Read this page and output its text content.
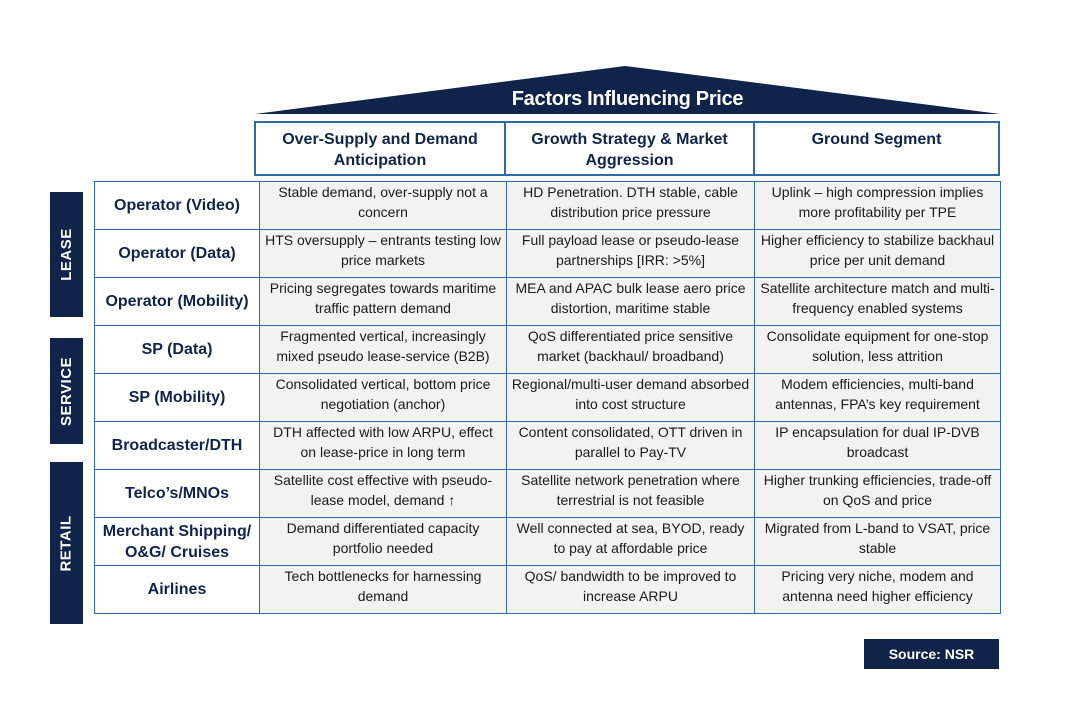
Factors Influencing Price
Over-Supply and Demand Anticipation
Growth Strategy & Market Aggression
Ground Segment
LEASE
SERVICE
RETAIL
Operator (Video)	Stable demand, over-supply not a concern	HD Penetration. DTH stable, cable distribution price pressure	Uplink – high compression implies more profitability per TPE
Operator (Data)	HTS oversupply – entrants testing low price markets	Full payload lease or pseudo-lease partnerships [IRR: >5%]	Higher efficiency to stabilize backhaul price per unit demand
Operator (Mobility)	Pricing segregates towards maritime traffic pattern demand	MEA and APAC bulk lease aero price distortion, maritime stable	Satellite architecture match and multi-frequency enabled systems
SP (Data)	Fragmented vertical, increasingly mixed pseudo lease-service (B2B)	QoS differentiated price sensitive market (backhaul/ broadband)	Consolidate equipment for one-stop solution, less attrition
SP (Mobility)	Consolidated vertical, bottom price negotiation (anchor)	Regional/multi-user demand absorbed into cost structure	Modem efficiencies, multi-band antennas, FPA’s key requirement
Broadcaster/DTH	DTH affected with low ARPU, effect on lease-price in long term	Content consolidated, OTT driven in parallel to Pay-TV	IP encapsulation for dual IP-DVB broadcast
Telco’s/MNOs	Satellite cost effective with pseudo-lease model, demand ↑	Satellite network penetration where terrestrial is not feasible	Higher trunking efficiencies, trade-off on QoS and price
Merchant Shipping/ O&G/ Cruises	Demand differentiated capacity portfolio needed	Well connected at sea, BYOD, ready to pay at affordable price	Migrated from L-band to VSAT, price stable
Airlines	Tech bottlenecks for harnessing demand	QoS/ bandwidth to be improved to increase ARPU	Pricing very niche, modem and antenna need higher efficiency
Source: NSR
